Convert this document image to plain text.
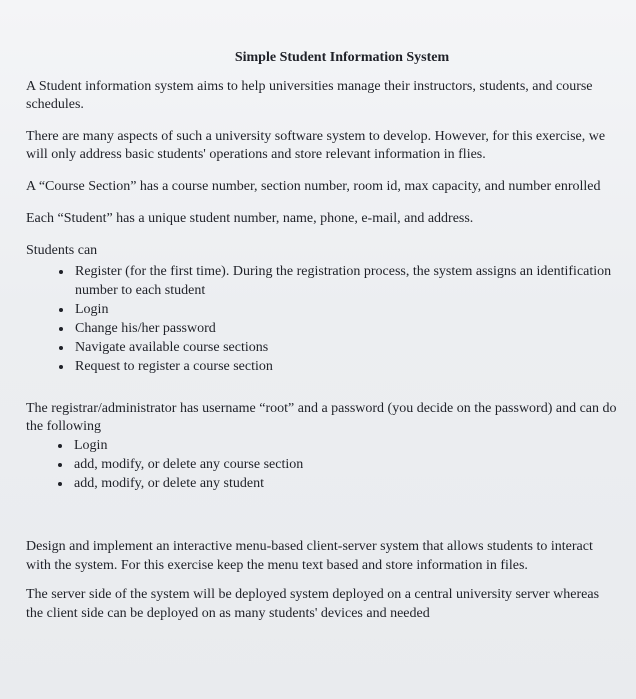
Simple Student Information System

A Student information system aims to help universities manage their instructors, students, and course schedules.

There are many aspects of such a university software system to develop. However, for this exercise, we will only address basic students' operations and store relevant information in flies.

A “Course Section” has a course number, section number, room id, max capacity, and number enrolled

Each “Student” has a unique student number, name, phone, e-mail, and address.

Students can

• Register (for the first time). During the registration process, the system assigns an identification number to each student
• Login
• Change his/her password
• Navigate available course sections
• Request to register a course section

The registrar/administrator has username “root” and a password (you decide on the password) and can do

the following

• Login
• add, modify, or delete any course section
• add, modify, or delete any student

Design and implement an interactive menu-based client-server system that allows students to interact with the system. For this exercise keep the menu text based and store information in files.

The server side of the system will be deployed system deployed on a central university server whereas the client side can be deployed on as many students' devices and needed
